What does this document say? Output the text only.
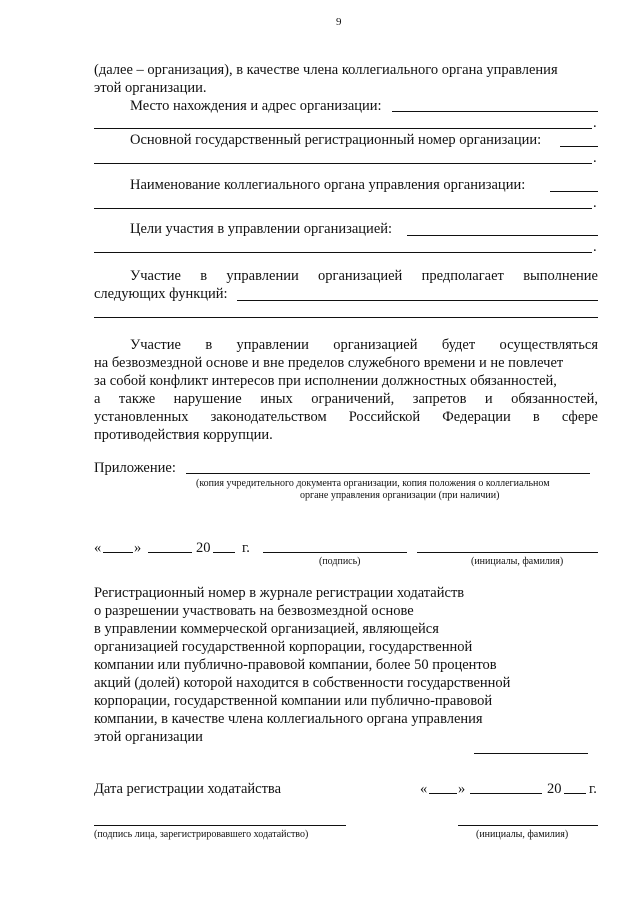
9
(далее – организация), в качестве члена коллегиального органа управления
этой организации.
Место нахождения и адрес организации:
.
Основной государственный регистрационный номер организации:
.
Наименование коллегиального органа управления организации:
.
Цели участия в управлении организацией:
.
Участие в управлении организацией предполагает выполнение
следующих функций:
Участие в управлении организацией будет осуществляться
на безвозмездной основе и вне пределов служебного времени и не повлечет
за собой конфликт интересов при исполнении должностных обязанностей,
а также нарушение иных ограничений, запретов и обязанностей,
установленных законодательством Российской Федерации в сфере
противодействия коррупции.
Приложение:
(копия учредительного документа организации, копия положения о коллегиальном
органе управления организации (при наличии)
« »	20 г.
(подпись)	(инициалы, фамилия)
Регистрационный номер в журнале регистрации ходатайств
о разрешении участвовать на безвозмездной основе
в управлении коммерческой организацией, являющейся
организацией государственной корпорации, государственной
компании или публично-правовой компании, более 50 процентов
акций (долей) которой находится в собственности государственной
корпорации, государственной компании или публично-правовой
компании, в качестве члена коллегиального органа управления
этой организации
Дата регистрации ходатайства	« »	20 г.
(подпись лица, зарегистрировавшего ходатайство)	(инициалы, фамилия)
